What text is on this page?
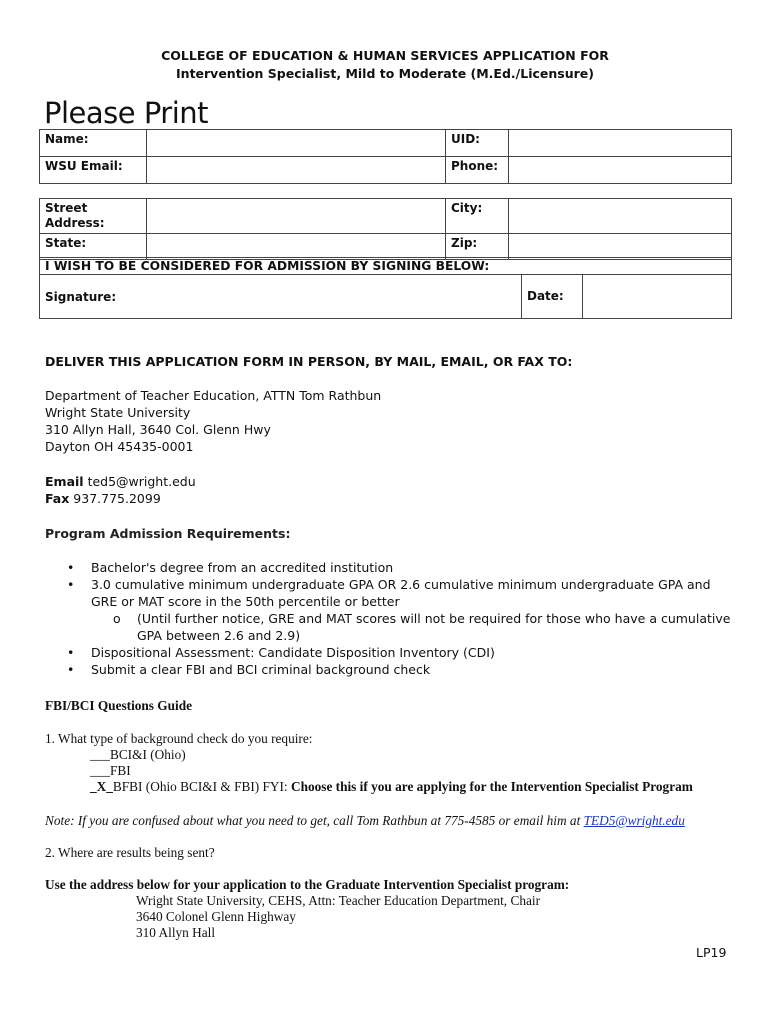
COLLEGE OF EDUCATION & HUMAN SERVICES APPLICATION FOR
Intervention Specialist, Mild to Moderate (M.Ed./Licensure)
Please Print
Name:		UID:	
WSU Email:		Phone:	
Street
Address:		City:	
State:		Zip:	
I WISH TO BE CONSIDERED FOR ADMISSION BY SIGNING BELOW:
Signature:	Date:	
DELIVER THIS APPLICATION FORM IN PERSON, BY MAIL, EMAIL, OR FAX TO:
Department of Teacher Education, ATTN Tom Rathbun
Wright State University
310 Allyn Hall, 3640 Col. Glenn Hwy
Dayton OH 45435-0001
Email ted5@wright.edu
Fax 937.775.2099
Program Admission Requirements:
• Bachelor's degree from an accredited institution
• 3.0 cumulative minimum undergraduate GPA OR 2.6 cumulative minimum undergraduate GPA and GRE or MAT score in the 50th percentile or better
o (Until further notice, GRE and MAT scores will not be required for those who have a cumulative GPA between 2.6 and 2.9)
• Dispositional Assessment: Candidate Disposition Inventory (CDI)
• Submit a clear FBI and BCI criminal background check
FBI/BCI Questions Guide
1. What type of background check do you require:
___BCI&I (Ohio)
___FBI
_X_BFBI (Ohio BCI&I & FBI) FYI: Choose this if you are applying for the Intervention Specialist Program
Note: If you are confused about what you need to get, call Tom Rathbun at 775-4585 or email him at TED5@wright.edu
2. Where are results being sent?
Use the address below for your application to the Graduate Intervention Specialist program:
Wright State University, CEHS, Attn: Teacher Education Department, Chair
3640 Colonel Glenn Highway
310 Allyn Hall
LP19
